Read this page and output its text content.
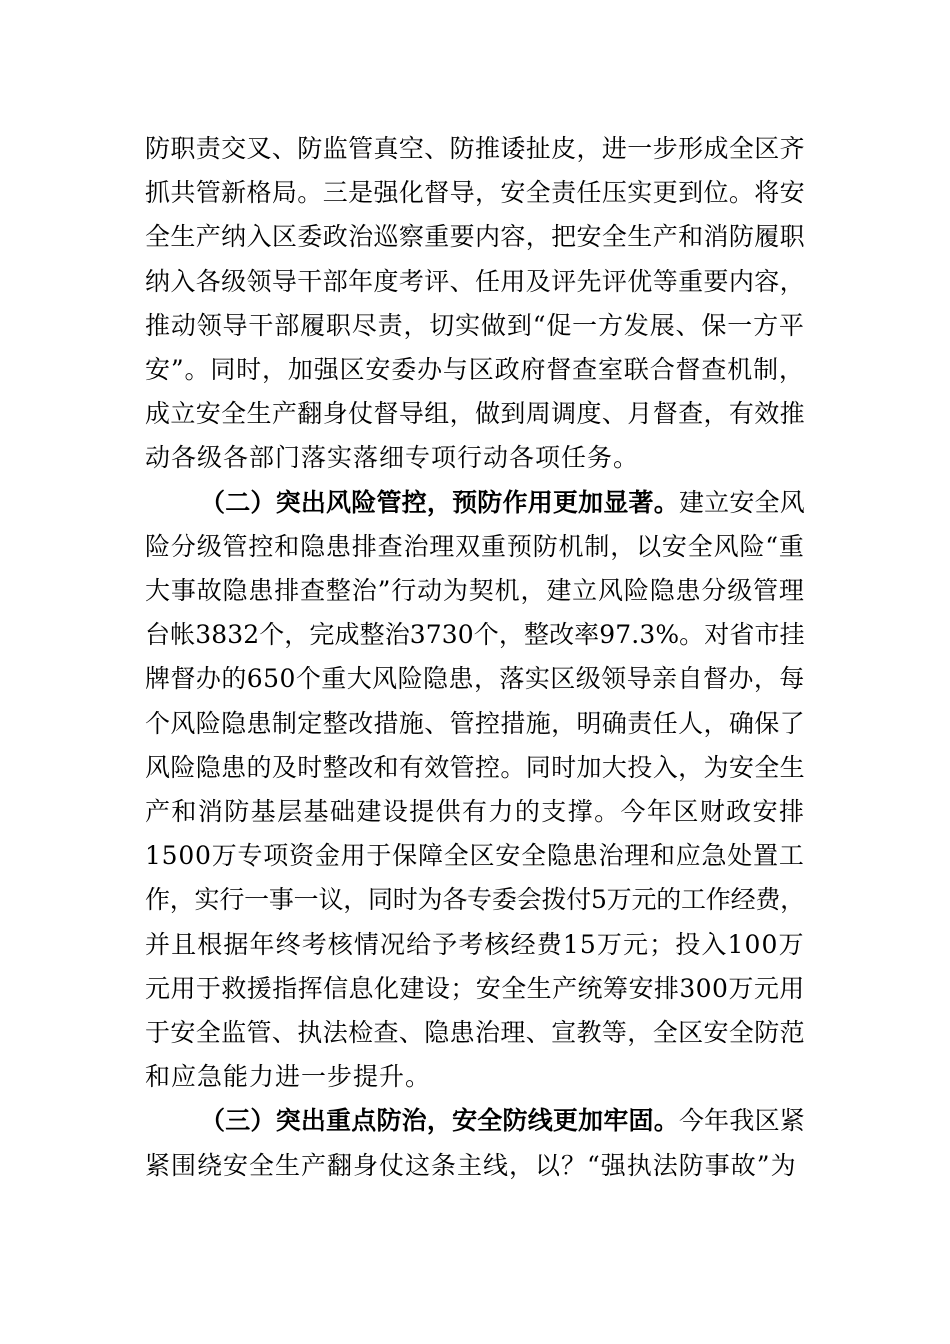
防职责交叉、防监管真空、防推诿扯皮，进一步形成全区齐
抓共管新格局。三是强化督导，安全责任压实更到位。将安
全生产纳入区委政治巡察重要内容，把安全生产和消防履职
纳入各级领导干部年度考评、任用及评先评优等重要内容，
推动领导干部履职尽责，切实做到“促一方发展、保一方平
安”。同时，加强区安委办与区政府督查室联合督查机制，
成立安全生产翻身仗督导组，做到周调度、月督查，有效推
动各级各部门落实落细专项行动各项任务。
（二）突出风险管控，预防作用更加显著。建立安全风
险分级管控和隐患排查治理双重预防机制，以安全风险“重
大事故隐患排查整治”行动为契机，建立风险隐患分级管理
台帐3832个，完成整治3730个，整改率97.3%。对省市挂
牌督办的650个重大风险隐患，落实区级领导亲自督办，每
个风险隐患制定整改措施、管控措施，明确责任人，确保了
风险隐患的及时整改和有效管控。同时加大投入，为安全生
产和消防基层基础建设提供有力的支撑。今年区财政安排
1500万专项资金用于保障全区安全隐患治理和应急处置工
作，实行一事一议，同时为各专委会拨付5万元的工作经费，
并且根据年终考核情况给予考核经费15万元；投入100万
元用于救援指挥信息化建设；安全生产统筹安排300万元用
于安全监管、执法检查、隐患治理、宣教等，全区安全防范
和应急能力进一步提升。
（三）突出重点防治，安全防线更加牢固。今年我区紧
紧围绕安全生产翻身仗这条主线，以？“强执法防事故”为
